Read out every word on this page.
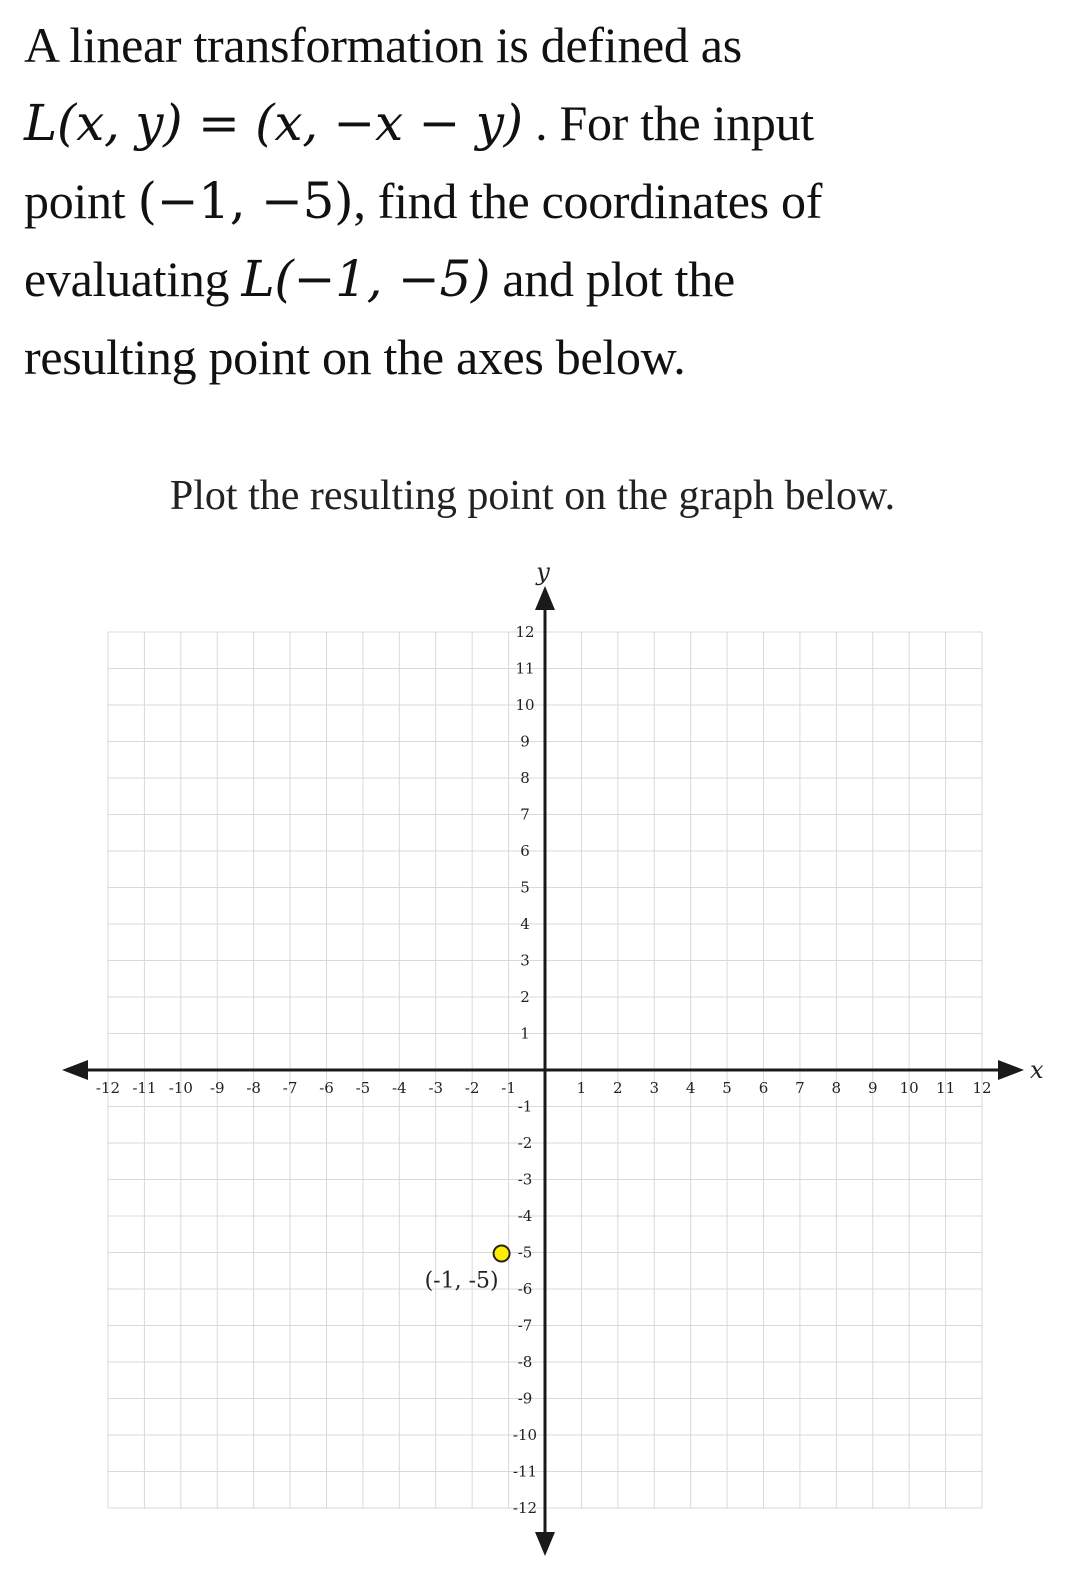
A linear transformation is defined as
L(x, y) = (x, −x − y) . For the input
point (−1, −5), find the coordinates of
evaluating L(−1, −5) and plot the
resulting point on the axes below.
Plot the resulting point on the graph below.
x
y
-12 -11 -10 -9 -8 -7 -6 -5 -4 -3 -2 -1	1 2 3 4 5 6 7 8 9 10 11 12
-12
-11
-10
-9
-8
-7
-6
-5
-4
-3
-2
-1
1
2
3
4
5
6
7
8
9
10
11
12
(-1, -5)
